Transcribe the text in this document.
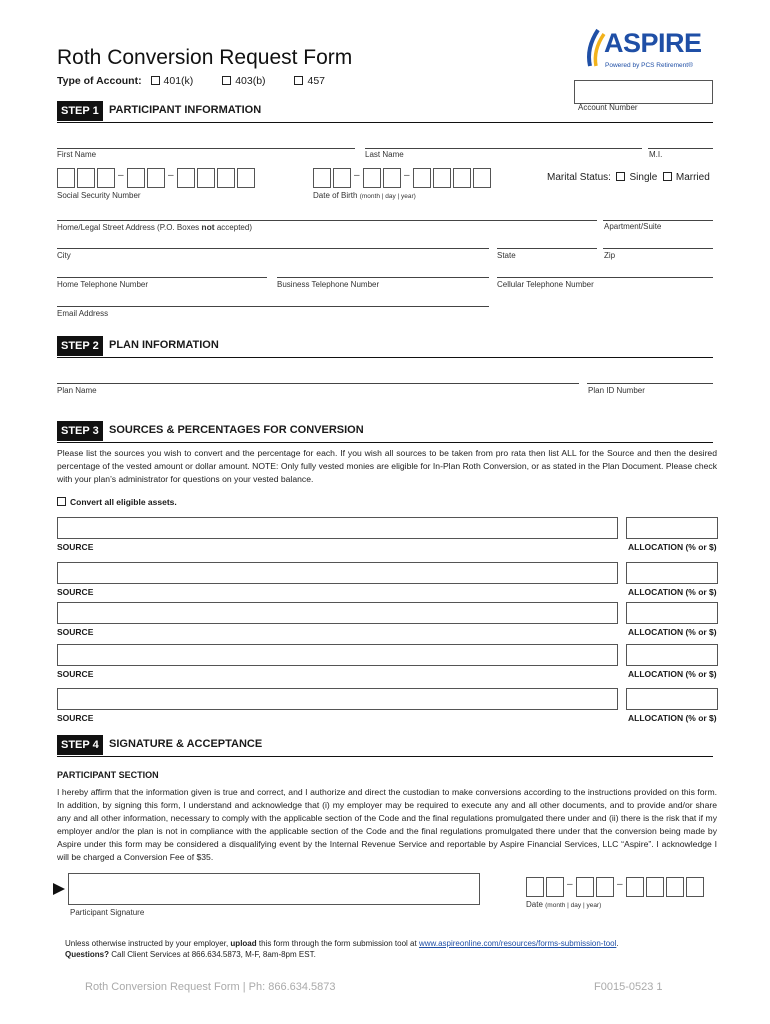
Roth Conversion Request Form
Type of Account: 401(k)	403(b)	457
ASPIRE
Powered by PCS Retirement®
Account Number
STEP 1 PARTICIPANT INFORMATION
First Name	Last Name	M.I.
–	–
Social Security Number
–	–
Date of Birth (month | day | year)
Marital Status: Single Married
Home/Legal Street Address (P.O. Boxes not accepted)	Apartment/Suite
City	State	Zip
Home Telephone Number	Business Telephone Number	Cellular Telephone Number
Email Address
STEP 2 PLAN INFORMATION
Plan Name	Plan ID Number
STEP 3 SOURCES & PERCENTAGES FOR CONVERSION
Please list the sources you wish to convert and the percentage for each. If you wish all sources to be taken from pro rata then list ALL for the Source and then the desired percentage of the vested amount or dollar amount. NOTE: Only fully vested monies are eligible for In-Plan Roth Conversion, or as stated in the Plan Document. Please check with your plan’s administrator for questions on your vested balance.
Convert all eligible assets.
SOURCE	ALLOCATION (% or $)
SOURCE	ALLOCATION (% or $)
SOURCE	ALLOCATION (% or $)
SOURCE	ALLOCATION (% or $)
SOURCE	ALLOCATION (% or $)
STEP 4 SIGNATURE & ACCEPTANCE
PARTICIPANT SECTION
I hereby affirm that the information given is true and correct, and I authorize and direct the custodian to make conversions according to the instructions provided on this form. In addition, by signing this form, I understand and acknowledge that (i) my employer may be required to execute any and all other documents, and to provide and/or share any and all other information, necessary to comply with the applicable section of the Code and the final regulations promulgated there under and (ii) there is the risk that if my employer and/or the plan is not in compliance with the applicable section of the Code and the final regulations promulgated there under that the conversion being made by Aspire under this form may be considered a disqualifying event by the Internal Revenue Service and reportable by Aspire Financial Services, LLC “Aspire”. I acknowledge I will be charged a Conversion Fee of $35.
Participant Signature
–	–
Date (month | day | year)
Unless otherwise instructed by your employer, upload this form through the form submission tool at www.aspireonline.com/resources/forms-submission-tool.
Questions? Call Client Services at 866.634.5873, M-F, 8am-8pm EST.
Roth Conversion Request Form | Ph: 866.634.5873	F0015-0523 1
